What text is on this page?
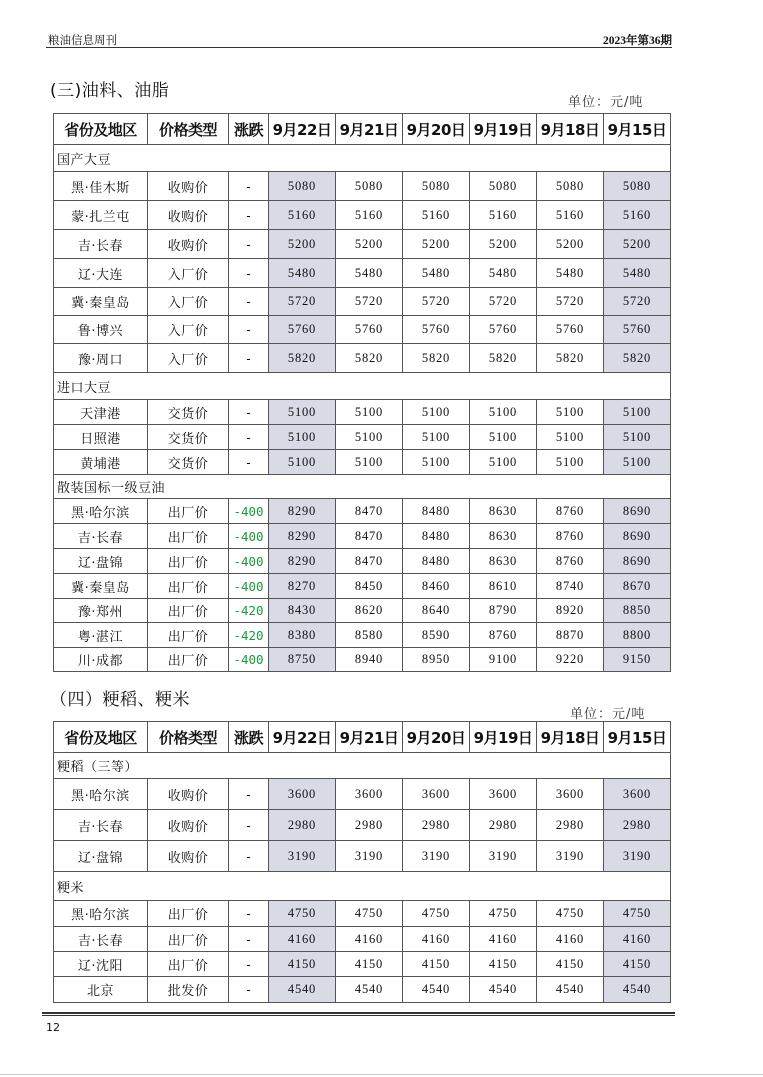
粮油信息周刊	2023年第36期
(三)油料、油脂
单位：元/吨
省份及地区	价格类型	涨跌	9月22日	9月21日	9月20日	9月19日	9月18日	9月15日
国产大豆								
黑·佳木斯	收购价	-	5080	5080	5080	5080	5080	5080
蒙·扎兰屯	收购价	-	5160	5160	5160	5160	5160	5160
吉·长春	收购价	-	5200	5200	5200	5200	5200	5200
辽·大连	入厂价	-	5480	5480	5480	5480	5480	5480
冀·秦皇岛	入厂价	-	5720	5720	5720	5720	5720	5720
鲁·博兴	入厂价	-	5760	5760	5760	5760	5760	5760
豫·周口	入厂价	-	5820	5820	5820	5820	5820	5820
进口大豆								
天津港	交货价	-	5100	5100	5100	5100	5100	5100
日照港	交货价	-	5100	5100	5100	5100	5100	5100
黄埔港	交货价	-	5100	5100	5100	5100	5100	5100
散装国标一级豆油								
黑·哈尔滨	出厂价	-400	8290	8470	8480	8630	8760	8690
吉·长春	出厂价	-400	8290	8470	8480	8630	8760	8690
辽·盘锦	出厂价	-400	8290	8470	8480	8630	8760	8690
冀·秦皇岛	出厂价	-400	8270	8450	8460	8610	8740	8670
豫·郑州	出厂价	-420	8430	8620	8640	8790	8920	8850
粤·湛江	出厂价	-420	8380	8580	8590	8760	8870	8800
川·成都	出厂价	-400	8750	8940	8950	9100	9220	9150
（四）粳稻、粳米
单位：元/吨
省份及地区	价格类型	涨跌	9月22日	9月21日	9月20日	9月19日	9月18日	9月15日
粳稻（三等）								
黑·哈尔滨	收购价	-	3600	3600	3600	3600	3600	3600
吉·长春	收购价	-	2980	2980	2980	2980	2980	2980
辽·盘锦	收购价	-	3190	3190	3190	3190	3190	3190
粳米								
黑·哈尔滨	出厂价	-	4750	4750	4750	4750	4750	4750
吉·长春	出厂价	-	4160	4160	4160	4160	4160	4160
辽·沈阳	出厂价	-	4150	4150	4150	4150	4150	4150
北京	批发价	-	4540	4540	4540	4540	4540	4540
12
